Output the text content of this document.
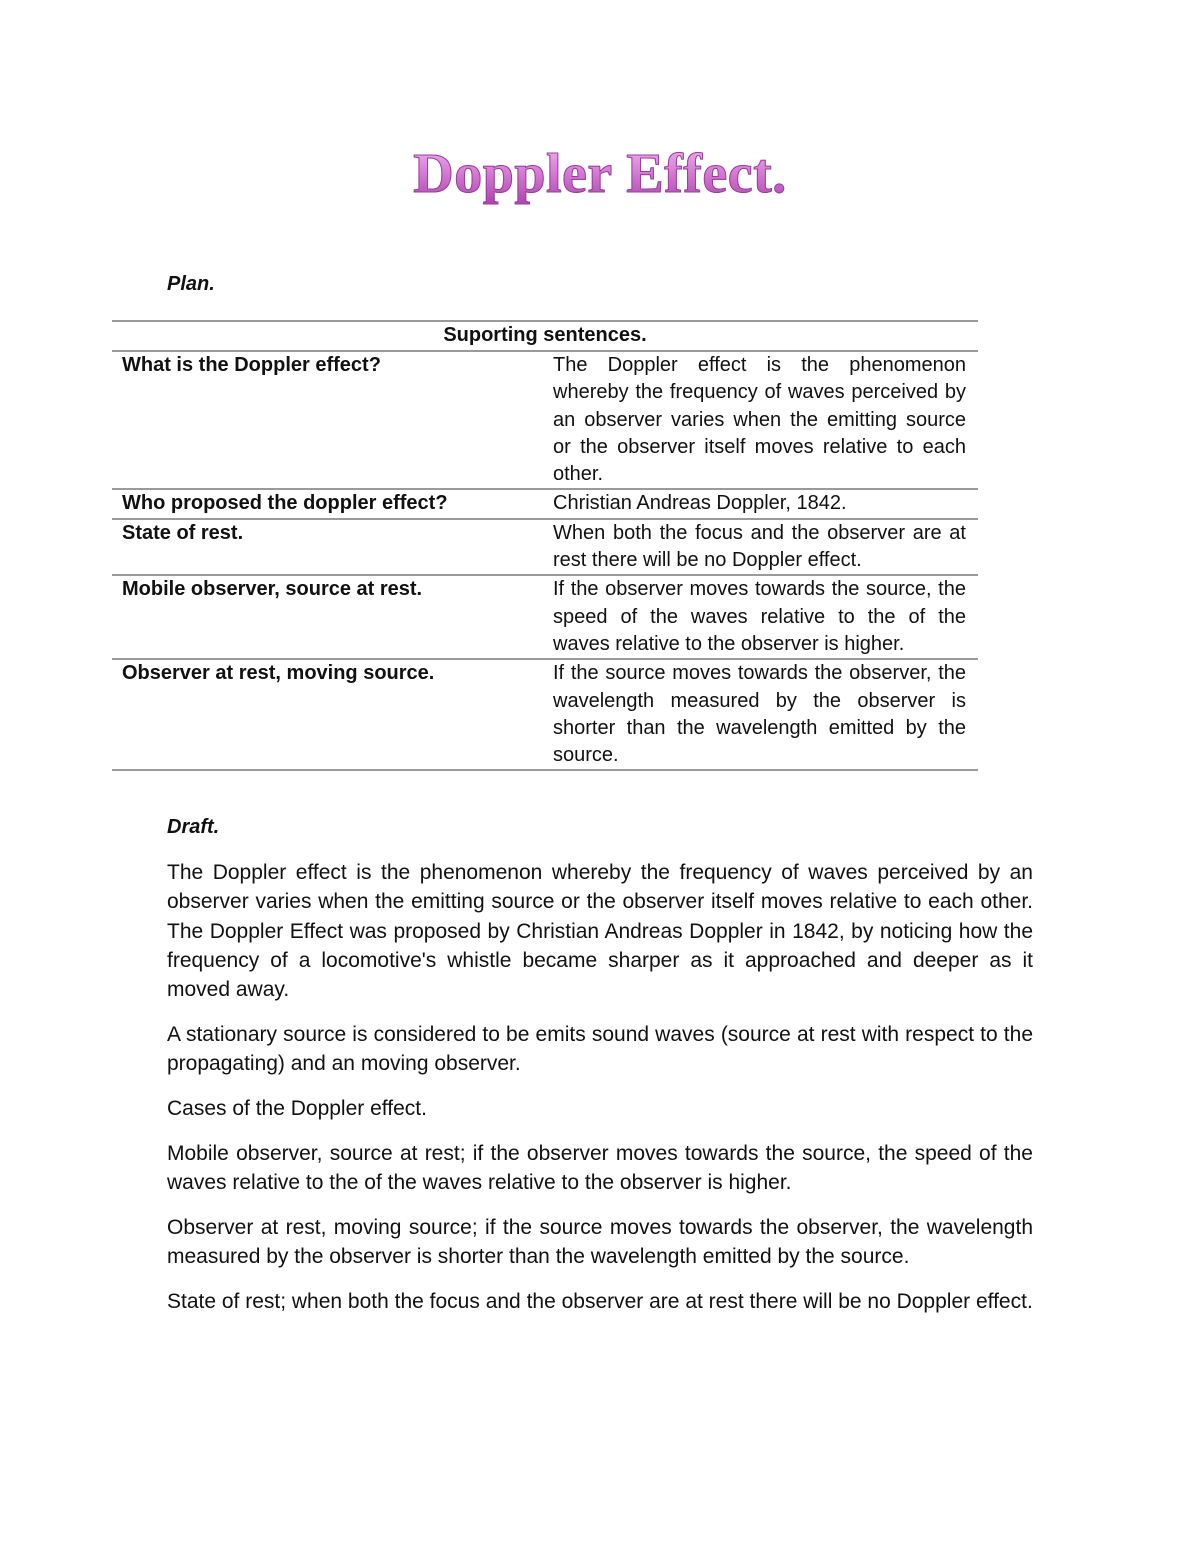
Doppler Effect.

Plan.

Suporting sentences.	
What is the Doppler effect?	The Doppler effect is the phenomenon whereby the frequency of waves perceived by an observer varies when the emitting source or the observer itself moves relative to each other.
Who proposed the doppler effect?	Christian Andreas Doppler, 1842.
State of rest.	When both the focus and the observer are at rest there will be no Doppler effect.
Mobile observer, source at rest.	If the observer moves towards the source, the speed of the waves relative to the of the waves relative to the observer is higher.
Observer at rest, moving source.	If the source moves towards the observer, the wavelength measured by the observer is shorter than the wavelength emitted by the source.

Draft.

The Doppler effect is the phenomenon whereby the frequency of waves perceived by an observer varies when the emitting source or the observer itself moves relative to each other. The Doppler Effect was proposed by Christian Andreas Doppler in 1842, by noticing how the frequency of a locomotive's whistle became sharper as it approached and deeper as it moved away.

A stationary source is considered to be emits sound waves (source at rest with respect to the propagating) and an moving observer.

Cases of the Doppler effect.

Mobile observer, source at rest; if the observer moves towards the source, the speed of the waves relative to the of the waves relative to the observer is higher.

Observer at rest, moving source; if the source moves towards the observer, the wavelength measured by the observer is shorter than the wavelength emitted by the source.

State of rest; when both the focus and the observer are at rest there will be no Doppler effect.
